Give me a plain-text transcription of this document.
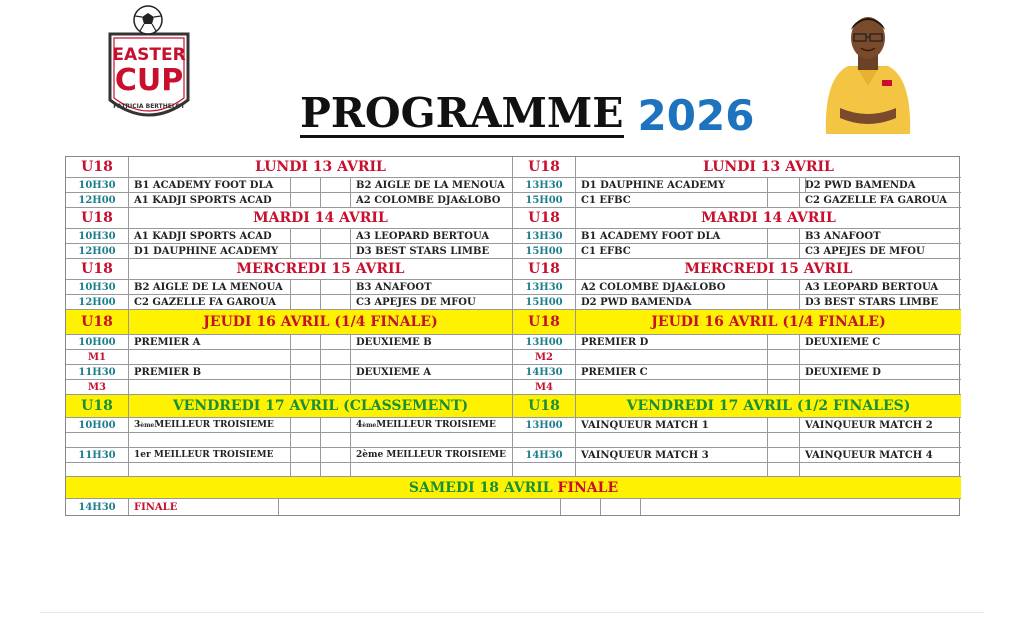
EASTER
CUP
PATRICIA BERTHELOT	PROGRAMME 2026
U18	LUNDI 13 AVRIL	U18	LUNDI 13 AVRIL
10H30	B1 ACADEMY FOOT DLA	B2 AIGLE DE LA MENOUA	13H30	D1 DAUPHINE ACADEMY	D2 PWD BAMENDA
12H00	A1 KADJI SPORTS ACAD	A2 COLOMBE DJA&LOBO	15H00	C1 EFBC	C2 GAZELLE FA GAROUA
U18	MARDI 14 AVRIL	U18	MARDI 14 AVRIL
10H30	A1 KADJI SPORTS ACAD	A3 LEOPARD BERTOUA	13H30	B1 ACADEMY FOOT DLA	B3 ANAFOOT
12H00	D1 DAUPHINE ACADEMY	D3 BEST STARS LIMBE	15H00	C1 EFBC	C3 APEJES DE MFOU
U18	MERCREDI 15 AVRIL	U18	MERCREDI 15 AVRIL
10H30	B2 AIGLE DE LA MENOUA	B3 ANAFOOT	13H30	A2 COLOMBE DJA&LOBO	A3 LEOPARD BERTOUA
12H00	C2 GAZELLE FA GAROUA	C3 APEJES DE MFOU	15H00	D2 PWD BAMENDA	D3 BEST STARS LIMBE
U18	JEUDI 16 AVRIL (1/4 FINALE)	U18	JEUDI 16 AVRIL (1/4 FINALE)
10H00	PREMIER A	DEUXIEME B	13H00	PREMIER D	DEUXIEME C
M1	M2
11H30	PREMIER B	DEUXIEME A	14H30	PREMIER C	DEUXIEME D
M3	M4
U18	VENDREDI 17 AVRIL (CLASSEMENT)	U18	VENDREDI 17 AVRIL (1/2 FINALES)
10H00	3 ème MEILLEUR TROISIEME	4 ème MEILLEUR TROISIEME	13H00	VAINQUEUR MATCH 1	VAINQUEUR MATCH 2
11H30	1er MEILLEUR TROISIEME	2ème MEILLEUR TROISIEME	14H30	VAINQUEUR MATCH 3	VAINQUEUR MATCH 4
SAMEDI 18 AVRIL
FINALE
14H30	FINALE
